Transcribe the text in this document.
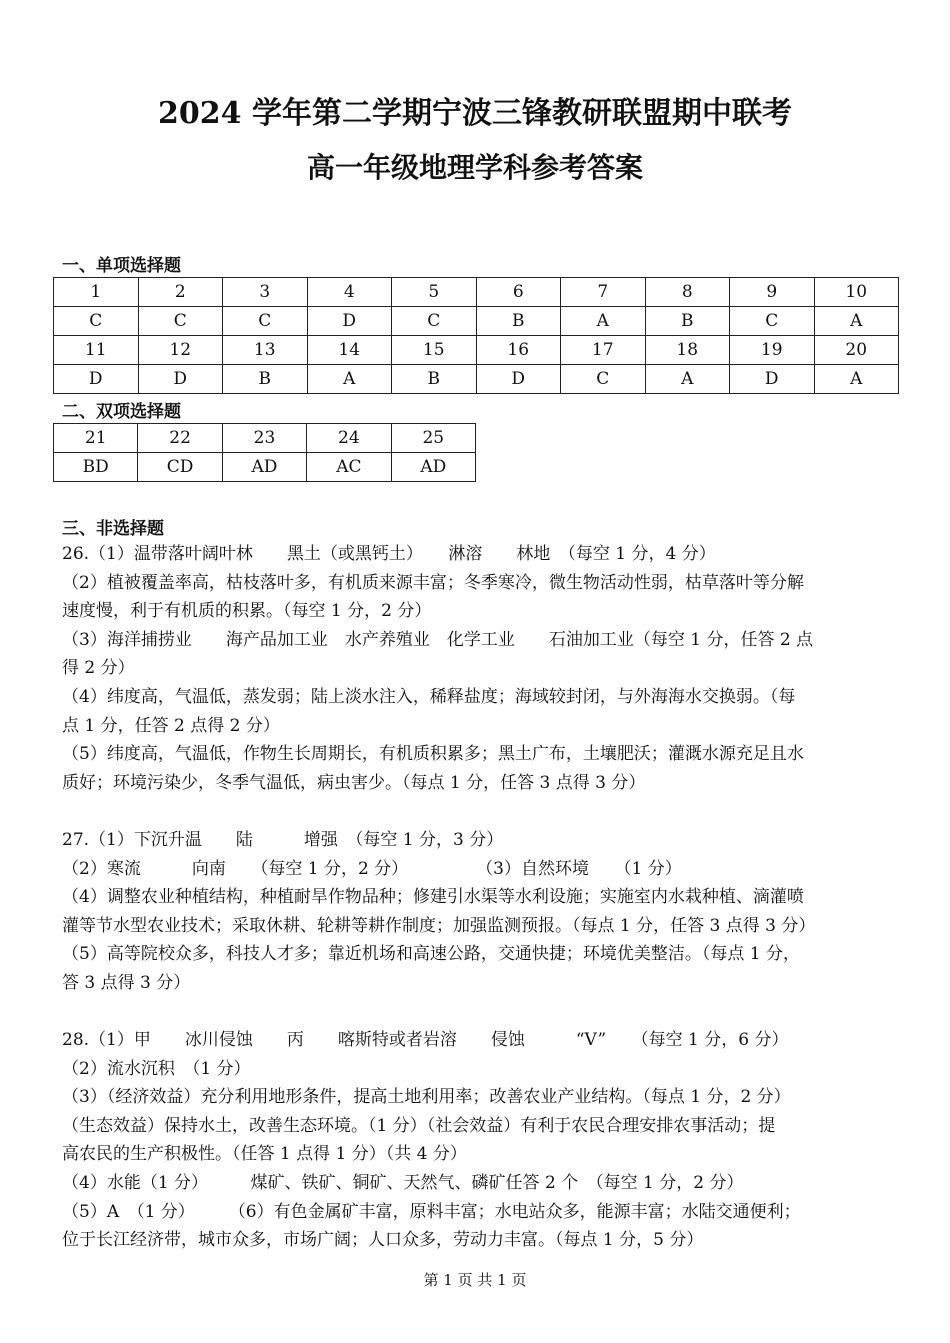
2024 学年第二学期宁波三锋教研联盟期中联考
高一年级地理学科参考答案
一、单项选择题
1	2	3	4	5	6	7	8	9	10
C	C	C	D	C	B	A	B	C	A
11	12	13	14	15	16	17	18	19	20
D	D	B	A	B	D	C	A	D	A
二、双项选择题
21	22	23	24	25
BD	CD	AD	AC	AD
三、非选择题
26.（1）温带落叶阔叶林　　黑土（或黑钙土）　　淋溶　　林地　（每空 1 分，4 分）
（2）植被覆盖率高，枯枝落叶多，有机质来源丰富；冬季寒冷，微生物活动性弱，枯草落叶等分解
速度慢，利于有机质的积累。（每空 1 分，2 分）
（3）海洋捕捞业　　海产品加工业　水产养殖业　化学工业　　石油加工业（每空 1 分，任答 2 点
得 2 分）
（4）纬度高，气温低，蒸发弱；陆上淡水注入，稀释盐度；海域较封闭，与外海海水交换弱。（每
点 1 分，任答 2 点得 2 分）
（5）纬度高，气温低，作物生长周期长，有机质积累多；黑土广布，土壤肥沃；灌溉水源充足且水
质好；环境污染少，冬季气温低，病虫害少。（每点 1 分，任答 3 点得 3 分）
27.（1）下沉升温　　陆　　　增强　（每空 1 分，3 分）
（2）寒流　　　向南　　（每空 1 分，2 分）　　　　　（3）自然环境　　（1 分）
（4）调整农业种植结构，种植耐旱作物品种；修建引水渠等水利设施；实施室内水栽种植、滴灌喷
灌等节水型农业技术；采取休耕、轮耕等耕作制度；加强监测预报。（每点 1 分，任答 3 点得 3 分）
（5）高等院校众多，科技人才多；靠近机场和高速公路，交通快捷；环境优美整洁。（每点 1 分，
答 3 点得 3 分）
28.（1）甲　　冰川侵蚀　　丙　　喀斯特或者岩溶　　侵蚀　　　“V”　　（每空 1 分，6 分）
（2）流水沉积　（1 分）
（3）（经济效益）充分利用地形条件，提高土地利用率；改善农业产业结构。（每点 1 分，2 分）
（生态效益）保持水土，改善生态环境。（1 分）（社会效益）有利于农民合理安排农事活动；提
高农民的生产积极性。（任答 1 点得 1 分）（共 4 分）
（4）水能（1 分）　　　煤矿、铁矿、铜矿、天然气、磷矿任答 2 个　（每空 1 分，2 分）
（5）A　（1 分）　　　（6）有色金属矿丰富，原料丰富；水电站众多，能源丰富；水陆交通便利；
位于长江经济带，城市众多，市场广阔；人口众多，劳动力丰富。（每点 1 分，5 分）
第 1 页 共 1 页
